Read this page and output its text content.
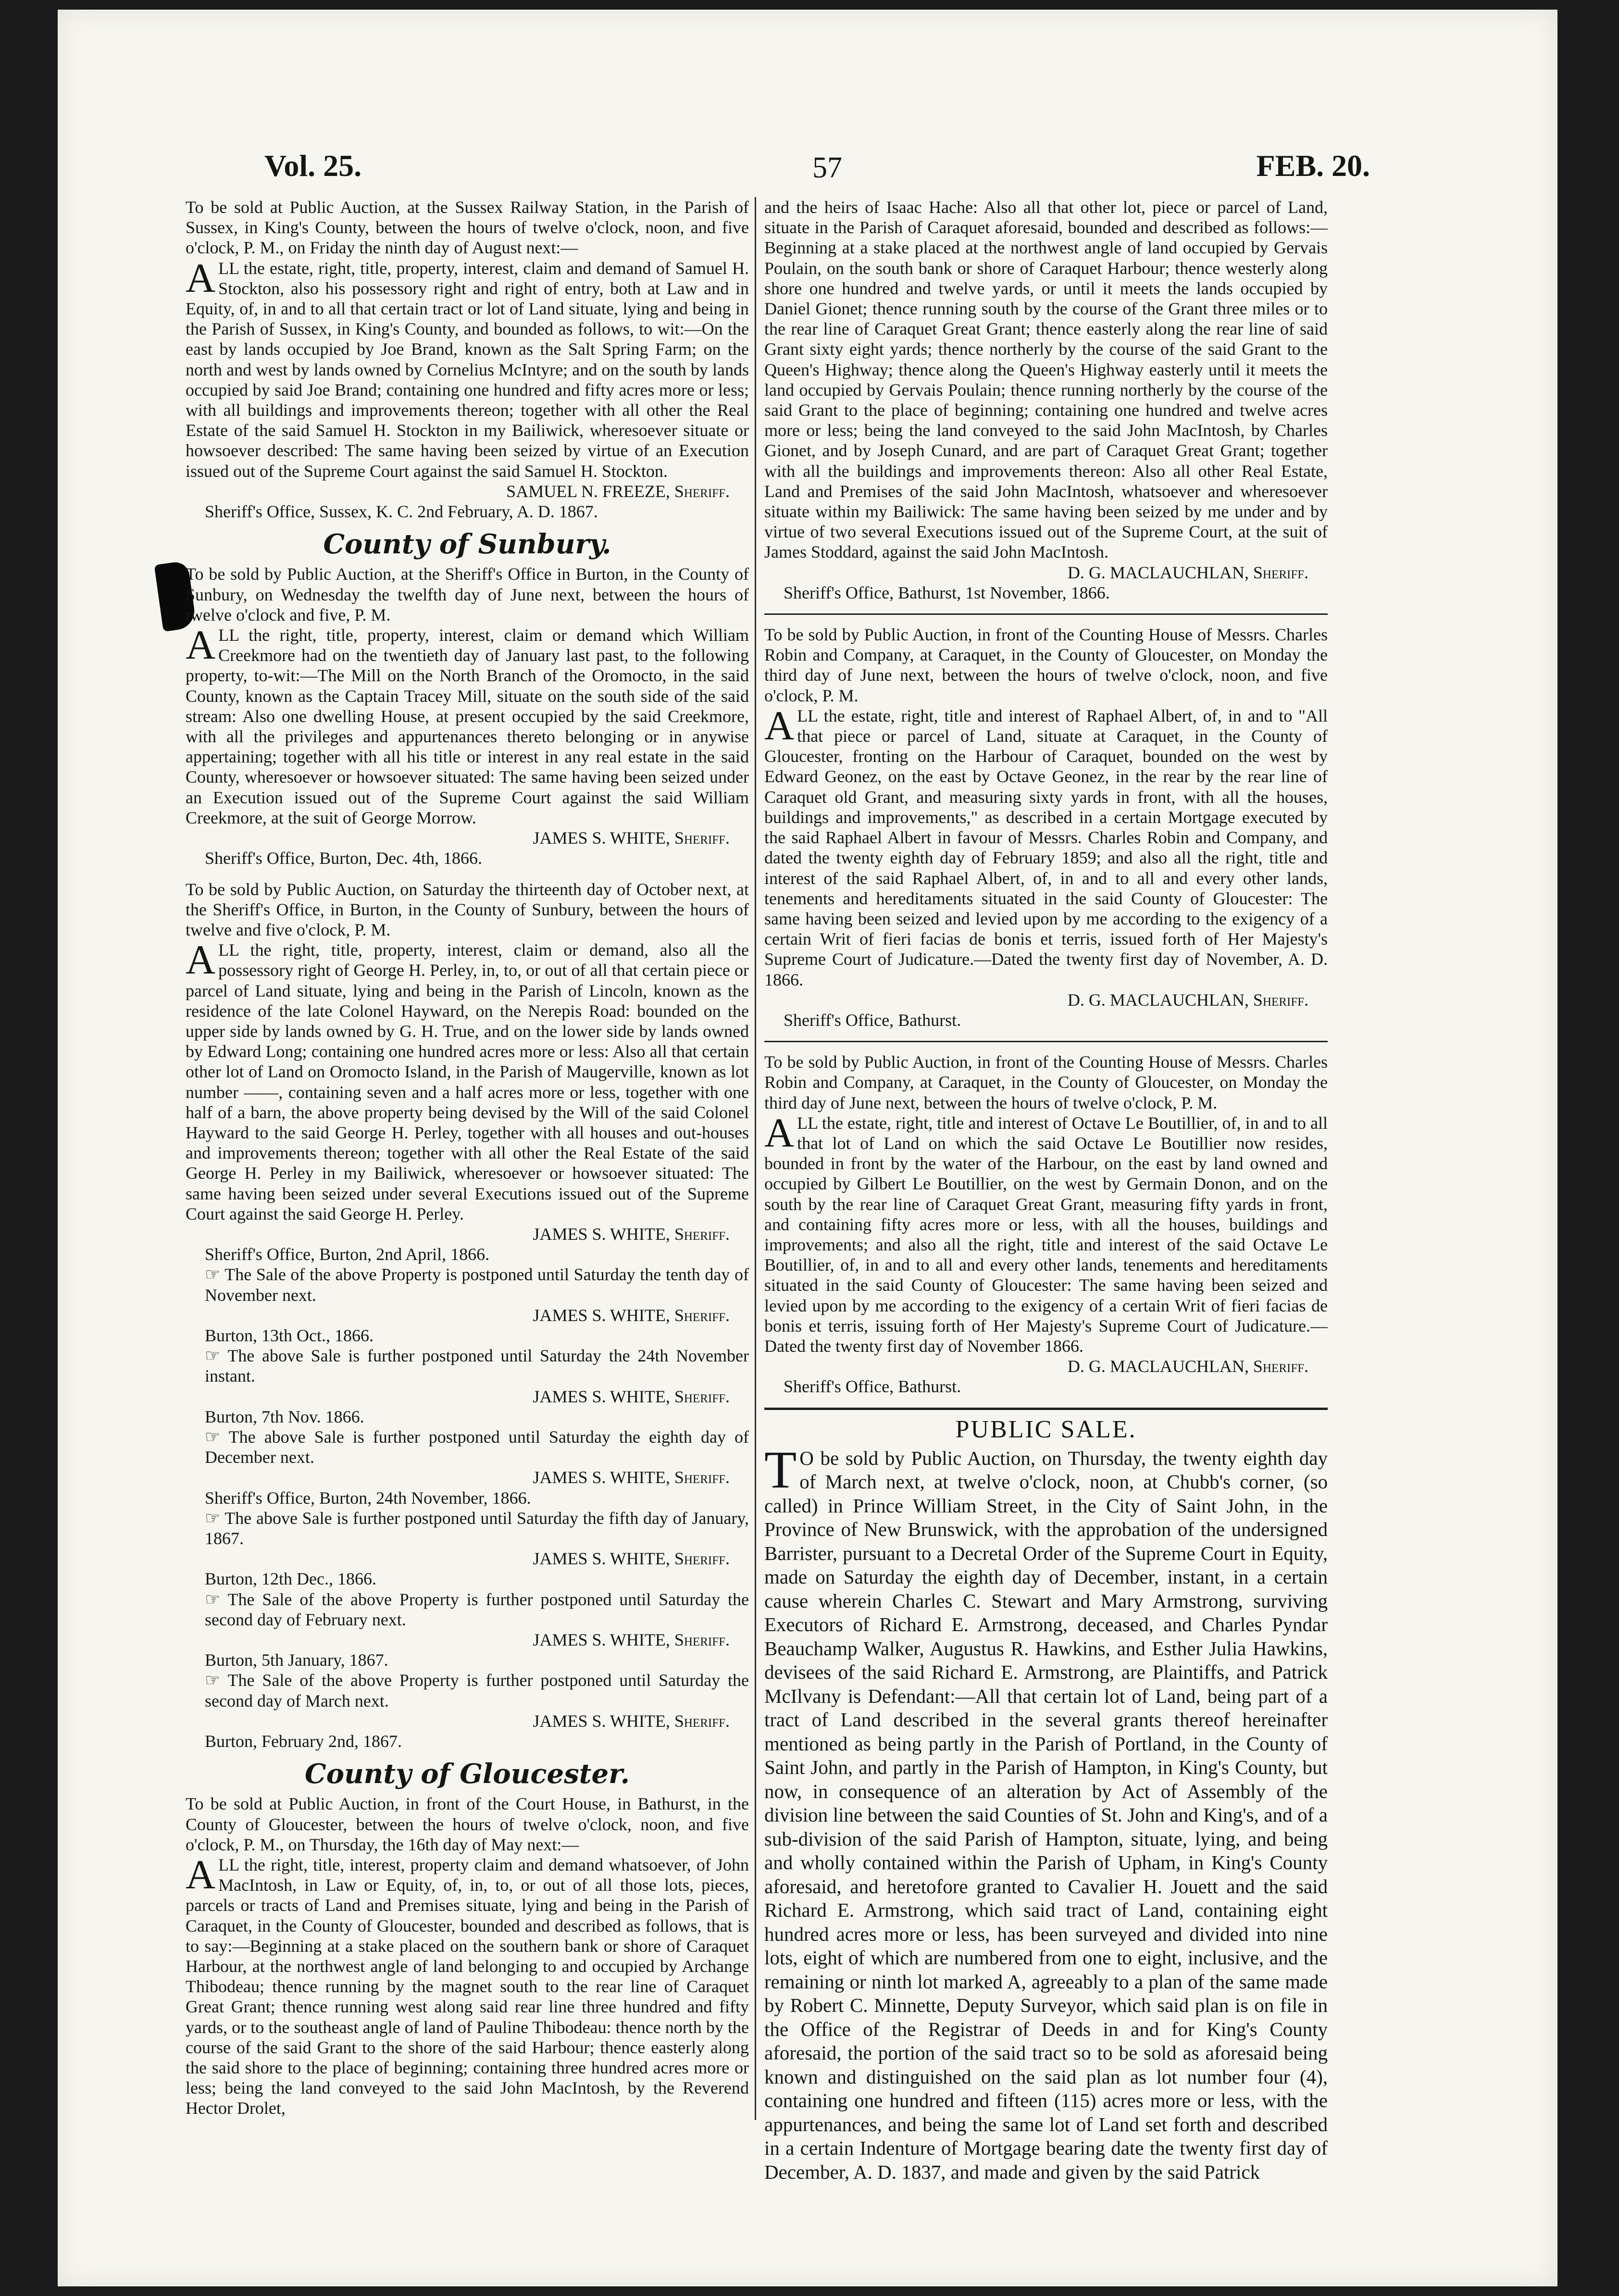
Vol. 25.	57	FEB. 20.

To be sold at Public Auction, at the Sussex Railway Station, in the Parish of Sussex, in King's County, between the hours of twelve o'clock, noon, and five o'clock, P. M., on Friday the ninth day of August next:—

ALL the estate, right, title, property, interest, claim and demand of Samuel H. Stockton, also his possessory right and right of entry, both at Law and in Equity, of, in and to all that certain tract or lot of Land situate, lying and being in the Parish of Sussex, in King's County, and bounded as follows, to wit:—On the east by lands occupied by Joe Brand, known as the Salt Spring Farm; on the north and west by lands owned by Cornelius McIntyre; and on the south by lands occupied by said Joe Brand; containing one hundred and fifty acres more or less; with all buildings and improvements thereon; together with all other the Real Estate of the said Samuel H. Stockton in my Bailiwick, wheresoever situate or howsoever described: The same having been seized by virtue of an Execution issued out of the Supreme Court against the said Samuel H. Stockton.

SAMUEL N. FREEZE, Sheriff.

Sheriff's Office, Sussex, K. C. 2nd February, A. D. 1867.

County of Sunbury.

To be sold by Public Auction, at the Sheriff's Office in Burton, in the County of Sunbury, on Wednesday the twelfth day of June next, between the hours of twelve o'clock and five, P. M.

ALL the right, title, property, interest, claim or demand which William Creekmore had on the twentieth day of January last past, to the following property, to-wit:—The Mill on the North Branch of the Oromocto, in the said County, known as the Captain Tracey Mill, situate on the south side of the said stream: Also one dwelling House, at present occupied by the said Creekmore, with all the privileges and appurtenances thereto belonging or in anywise appertaining; together with all his title or interest in any real estate in the said County, wheresoever or howsoever situated: The same having been seized under an Execution issued out of the Supreme Court against the said William Creekmore, at the suit of George Morrow.

JAMES S. WHITE, Sheriff.

Sheriff's Office, Burton, Dec. 4th, 1866.

To be sold by Public Auction, on Saturday the thirteenth day of October next, at the Sheriff's Office, in Burton, in the County of Sunbury, between the hours of twelve and five o'clock, P. M.

ALL the right, title, property, interest, claim or demand, also all the possessory right of George H. Perley, in, to, or out of all that certain piece or parcel of Land situate, lying and being in the Parish of Lincoln, known as the residence of the late Colonel Hayward, on the Nerepis Road: bounded on the upper side by lands owned by G. H. True, and on the lower side by lands owned by Edward Long; containing one hundred acres more or less: Also all that certain other lot of Land on Oromocto Island, in the Parish of Maugerville, known as lot number ——, containing seven and a half acres more or less, together with one half of a barn, the above property being devised by the Will of the said Colonel Hayward to the said George H. Perley, together with all houses and out-houses and improvements thereon; together with all other the Real Estate of the said George H. Perley in my Bailiwick, wheresoever or howsoever situated: The same having been seized under several Executions issued out of the Supreme Court against the said George H. Perley.

JAMES S. WHITE, Sheriff.

Sheriff's Office, Burton, 2nd April, 1866.

☞ The Sale of the above Property is postponed until Saturday the tenth day of November next.

JAMES S. WHITE, Sheriff.

Burton, 13th Oct., 1866.

☞ The above Sale is further postponed until Saturday the 24th November instant.

JAMES S. WHITE, Sheriff.

Burton, 7th Nov. 1866.

☞ The above Sale is further postponed until Saturday the eighth day of December next.

JAMES S. WHITE, Sheriff.

Sheriff's Office, Burton, 24th November, 1866.

☞ The above Sale is further postponed until Saturday the fifth day of January, 1867.

JAMES S. WHITE, Sheriff.

Burton, 12th Dec., 1866.

☞ The Sale of the above Property is further postponed until Saturday the second day of February next.

JAMES S. WHITE, Sheriff.

Burton, 5th January, 1867.

☞ The Sale of the above Property is further postponed until Saturday the second day of March next.

JAMES S. WHITE, Sheriff.

Burton, February 2nd, 1867.

County of Gloucester.

To be sold at Public Auction, in front of the Court House, in Bathurst, in the County of Gloucester, between the hours of twelve o'clock, noon, and five o'clock, P. M., on Thursday, the 16th day of May next:—

ALL the right, title, interest, property claim and demand whatsoever, of John MacIntosh, in Law or Equity, of, in, to, or out of all those lots, pieces, parcels or tracts of Land and Premises situate, lying and being in the Parish of Caraquet, in the County of Gloucester, bounded and described as follows, that is to say:—Beginning at a stake placed on the southern bank or shore of Caraquet Harbour, at the northwest angle of land belonging to and occupied by Archange Thibodeau; thence running by the magnet south to the rear line of Caraquet Great Grant; thence running west along said rear line three hundred and fifty yards, or to the southeast angle of land of Pauline Thibodeau: thence north by the course of the said Grant to the shore of the said Harbour; thence easterly along the said shore to the place of beginning; containing three hundred acres more or less; being the land conveyed to the said John MacIntosh, by the Reverend Hector Drolet,

and the heirs of Isaac Hache: Also all that other lot, piece or parcel of Land, situate in the Parish of Caraquet aforesaid, bounded and described as follows:—Beginning at a stake placed at the northwest angle of land occupied by Gervais Poulain, on the south bank or shore of Caraquet Harbour; thence westerly along shore one hundred and twelve yards, or until it meets the lands occupied by Daniel Gionet; thence running south by the course of the Grant three miles or to the rear line of Caraquet Great Grant; thence easterly along the rear line of said Grant sixty eight yards; thence northerly by the course of the said Grant to the Queen's Highway; thence along the Queen's Highway easterly until it meets the land occupied by Gervais Poulain; thence running northerly by the course of the said Grant to the place of beginning; containing one hundred and twelve acres more or less; being the land conveyed to the said John MacIntosh, by Charles Gionet, and by Joseph Cunard, and are part of Caraquet Great Grant; together with all the buildings and improvements thereon: Also all other Real Estate, Land and Premises of the said John MacIntosh, whatsoever and wheresoever situate within my Bailiwick: The same having been seized by me under and by virtue of two several Executions issued out of the Supreme Court, at the suit of James Stoddard, against the said John MacIntosh.

D. G. MACLAUCHLAN, Sheriff.

Sheriff's Office, Bathurst, 1st November, 1866.

To be sold by Public Auction, in front of the Counting House of Messrs. Charles Robin and Company, at Caraquet, in the County of Gloucester, on Monday the third day of June next, between the hours of twelve o'clock, noon, and five o'clock, P. M.

ALL the estate, right, title and interest of Raphael Albert, of, in and to "All that piece or parcel of Land, situate at Caraquet, in the County of Gloucester, fronting on the Harbour of Caraquet, bounded on the west by Edward Geonez, on the east by Octave Geonez, in the rear by the rear line of Caraquet old Grant, and measuring sixty yards in front, with all the houses, buildings and improvements," as described in a certain Mortgage executed by the said Raphael Albert in favour of Messrs. Charles Robin and Company, and dated the twenty eighth day of February 1859; and also all the right, title and interest of the said Raphael Albert, of, in and to all and every other lands, tenements and hereditaments situated in the said County of Gloucester: The same having been seized and levied upon by me according to the exigency of a certain Writ of fieri facias de bonis et terris, issued forth of Her Majesty's Supreme Court of Judicature.—Dated the twenty first day of November, A. D. 1866.

D. G. MACLAUCHLAN, Sheriff.

Sheriff's Office, Bathurst.

To be sold by Public Auction, in front of the Counting House of Messrs. Charles Robin and Company, at Caraquet, in the County of Gloucester, on Monday the third day of June next, between the hours of twelve o'clock, P. M.

ALL the estate, right, title and interest of Octave Le Boutillier, of, in and to all that lot of Land on which the said Octave Le Boutillier now resides, bounded in front by the water of the Harbour, on the east by land owned and occupied by Gilbert Le Boutillier, on the west by Germain Donon, and on the south by the rear line of Caraquet Great Grant, measuring fifty yards in front, and containing fifty acres more or less, with all the houses, buildings and improvements; and also all the right, title and interest of the said Octave Le Boutillier, of, in and to all and every other lands, tenements and hereditaments situated in the said County of Gloucester: The same having been seized and levied upon by me according to the exigency of a certain Writ of fieri facias de bonis et terris, issuing forth of Her Majesty's Supreme Court of Judicature.—Dated the twenty first day of November 1866.

D. G. MACLAUCHLAN, Sheriff.

Sheriff's Office, Bathurst.

PUBLIC SALE.

T O be sold by Public Auction, on Thursday, the twenty eighth day of March next, at twelve o'clock, noon, at Chubb's corner, (so called) in Prince William Street, in the City of Saint John, in the Province of New Brunswick, with the approbation of the undersigned Barrister, pursuant to a Decretal Order of the Supreme Court in Equity, made on Saturday the eighth day of December, instant, in a certain cause wherein Charles C. Stewart and Mary Armstrong, surviving Executors of Richard E. Armstrong, deceased, and Charles Pyndar Beauchamp Walker, Augustus R. Hawkins, and Esther Julia Hawkins, devisees of the said Richard E. Armstrong, are Plaintiffs, and Patrick McIlvany is Defendant:—All that certain lot of Land, being part of a tract of Land described in the several grants thereof hereinafter mentioned as being partly in the Parish of Portland, in the County of Saint John, and partly in the Parish of Hampton, in King's County, but now, in consequence of an alteration by Act of Assembly of the division line between the said Counties of St. John and King's, and of a sub-division of the said Parish of Hampton, situate, lying, and being and wholly contained within the Parish of Upham, in King's County aforesaid, and heretofore granted to Cavalier H. Jouett and the said Richard E. Armstrong, which said tract of Land, containing eight hundred acres more or less, has been surveyed and divided into nine lots, eight of which are numbered from one to eight, inclusive, and the remaining or ninth lot marked A, agreeably to a plan of the same made by Robert C. Minnette, Deputy Surveyor, which said plan is on file in the Office of the Registrar of Deeds in and for King's County aforesaid, the portion of the said tract so to be sold as aforesaid being known and distinguished on the said plan as lot number four (4), containing one hundred and fifteen (115) acres more or less, with the appurtenances, and being the same lot of Land set forth and described in a certain Indenture of Mortgage bearing date the twenty first day of December, A. D. 1837, and made and given by the said Patrick
